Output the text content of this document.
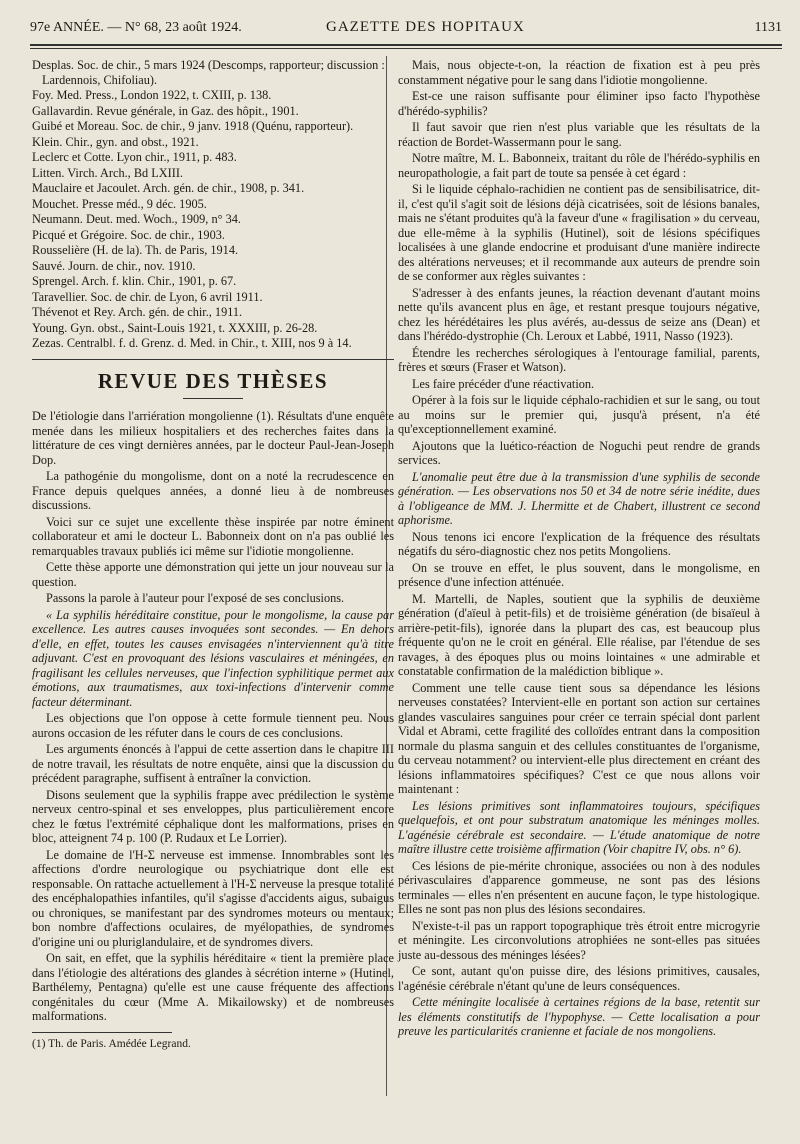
97e ANNÉE. — N° 68, 23 août 1924.	GAZETTE DES HOPITAUX	1131

Desplas. Soc. de chir., 5 mars 1924 (Descomps, rapporteur; discussion : Lardennois, Chifoliau).

Foy. Med. Press., London 1922, t. CXIII, p. 138.

Gallavardin. Revue générale, in Gaz. des hôpit., 1901.

Guibé et Moreau. Soc. de chir., 9 janv. 1918 (Quénu, rapporteur).

Klein. Chir., gyn. and obst., 1921.

Leclerc et Cotte. Lyon chir., 1911, p. 483.

Litten. Virch. Arch., Bd LXIII.

Mauclaire et Jacoulet. Arch. gén. de chir., 1908, p. 341.

Mouchet. Presse méd., 9 déc. 1905.

Neumann. Deut. med. Woch., 1909, n° 34.

Picqué et Grégoire. Soc. de chir., 1903.

Rousselière (H. de la). Th. de Paris, 1914.

Sauvé. Journ. de chir., nov. 1910.

Sprengel. Arch. f. klin. Chir., 1901, p. 67.

Taravellier. Soc. de chir. de Lyon, 6 avril 1911.

Thévenot et Rey. Arch. gén. de chir., 1911.

Young. Gyn. obst., Saint-Louis 1921, t. XXXIII, p. 26-28.

Zezas. Centralbl. f. d. Grenz. d. Med. in Chir., t. XIII, nos 9 à 14.

REVUE DES THÈSES

De l'étiologie dans l'arriération mongolienne (1). Résultats d'une enquête menée dans les milieux hospitaliers et des recherches faites dans la littérature de ces vingt dernières années, par le docteur Paul-Jean-Joseph Dop.

La pathogénie du mongolisme, dont on a noté la recrudescence en France depuis quelques années, a donné lieu à de nombreuses discussions.

Voici sur ce sujet une excellente thèse inspirée par notre éminent collaborateur et ami le docteur L. Babonneix dont on n'a pas oublié les remarquables travaux publiés ici même sur l'idiotie mongolienne.

Cette thèse apporte une démonstration qui jette un jour nouveau sur la question.

Passons la parole à l'auteur pour l'exposé de ses conclusions.

« La syphilis héréditaire constitue, pour le mongolisme, la cause par excellence. Les autres causes invoquées sont secondes. — En dehors d'elle, en effet, toutes les causes envisagées n'interviennent qu'à titre adjuvant. C'est en provoquant des lésions vasculaires et méningées, en fragilisant les cellules nerveuses, que l'infection syphilitique permet aux émotions, aux traumatismes, aux toxi-infections d'intervenir comme facteur déterminant.

Les objections que l'on oppose à cette formule tiennent peu. Nous aurons occasion de les réfuter dans le cours de ces conclusions.

Les arguments énoncés à l'appui de cette assertion dans le chapitre III de notre travail, les résultats de notre enquête, ainsi que la discussion du précédent paragraphe, suffisent à entraîner la conviction.

Disons seulement que la syphilis frappe avec prédilection le système nerveux centro-spinal et ses enveloppes, plus particulièrement encore chez le fœtus l'extrémité céphalique dont les malformations, prises en bloc, atteignent 74 p. 100 (P. Rudaux et Le Lorrier).

Le domaine de l'H-Σ nerveuse est immense. Innombrables sont les affections d'ordre neurologique ou psychiatrique dont elle est responsable. On rattache actuellement à l'H-Σ nerveuse la presque totalité des encéphalopathies infantiles, qu'il s'agisse d'accidents aigus, subaigus ou chroniques, se manifestant par des syndromes moteurs ou mentaux; bon nombre d'affections oculaires, de myélopathies, de syndromes d'origine uni ou pluriglandulaire, et de syndromes divers.

On sait, en effet, que la syphilis héréditaire « tient la première place dans l'étiologie des altérations des glandes à sécrétion interne » (Hutinel, Barthélemy, Pentagna) qu'elle est une cause fréquente des affections congénitales du cœur (Mme A. Mikailowsky) et de nombreuses malformations.

(1) Th. de Paris. Amédée Legrand.

Mais, nous objecte-t-on, la réaction de fixation est à peu près constamment négative pour le sang dans l'idiotie mongolienne.

Est-ce une raison suffisante pour éliminer ipso facto l'hypothèse d'hérédo-syphilis?

Il faut savoir que rien n'est plus variable que les résultats de la réaction de Bordet-Wassermann pour le sang.

Notre maître, M. L. Babonneix, traitant du rôle de l'hérédo-syphilis en neuropathologie, a fait part de toute sa pensée à cet égard :

Si le liquide céphalo-rachidien ne contient pas de sensibilisatrice, dit-il, c'est qu'il s'agit soit de lésions déjà cicatrisées, soit de lésions banales, mais ne s'étant produites qu'à la faveur d'une « fragilisation » du cerveau, due elle-même à la syphilis (Hutinel), soit de lésions spécifiques localisées à une glande endocrine et produisant d'une manière indirecte des altérations nerveuses; et il recommande aux auteurs de prendre soin de se conformer aux règles suivantes :

S'adresser à des enfants jeunes, la réaction devenant d'autant moins nette qu'ils avancent plus en âge, et restant presque toujours négative, chez les hérédétaires les plus avérés, au-dessus de seize ans (Dean) et dans l'hérédo-dystrophie (Ch. Leroux et Labbé, 1911, Nasso (1923).

Étendre les recherches sérologiques à l'entourage familial, parents, frères et sœurs (Fraser et Watson).

Les faire précéder d'une réactivation.

Opérer à la fois sur le liquide céphalo-rachidien et sur le sang, ou tout au moins sur le premier qui, jusqu'à présent, n'a été qu'exceptionnellement examiné.

Ajoutons que la luético-réaction de Noguchi peut rendre de grands services.

L'anomalie peut être due à la transmission d'une syphilis de seconde génération. — Les observations nos 50 et 34 de notre série inédite, dues à l'obligeance de MM. J. Lhermitte et de Chabert, illustrent ce second aphorisme.

Nous tenons ici encore l'explication de la fréquence des résultats négatifs du séro-diagnostic chez nos petits Mongoliens.

On se trouve en effet, le plus souvent, dans le mongolisme, en présence d'une infection atténuée.

M. Martelli, de Naples, soutient que la syphilis de deuxième génération (d'aïeul à petit-fils) et de troisième génération (de bisaïeul à arrière-petit-fils), ignorée dans la plupart des cas, est beaucoup plus fréquente qu'on ne le croit en général. Elle réalise, par l'étendue de ses ravages, à des époques plus ou moins lointaines « une admirable et constatable confirmation de la malédiction biblique ».

Comment une telle cause tient sous sa dépendance les lésions nerveuses constatées? Intervient-elle en portant son action sur certaines glandes vasculaires sanguines pour créer ce terrain spécial dont parlent Vidal et Abrami, cette fragilité des colloïdes entrant dans la composition normale du plasma sanguin et des cellules constituantes de l'organisme, du cerveau notamment? ou intervient-elle plus directement en créant des lésions inflammatoires spécifiques? C'est ce que nous allons voir maintenant :

Les lésions primitives sont inflammatoires toujours, spécifiques quelquefois, et ont pour substratum anatomique les méninges molles. L'agénésie cérébrale est secondaire. — L'étude anatomique de notre maître illustre cette troisième affirmation (Voir chapitre IV, obs. n° 6).

Ces lésions de pie-mérite chronique, associées ou non à des nodules périvasculaires d'apparence gommeuse, ne sont pas des lésions terminales — elles n'en présentent en aucune façon, le type histologique. Elles ne sont pas non plus des lésions secondaires.

N'existe-t-il pas un rapport topographique très étroit entre microgyrie et méningite. Les circonvolutions atrophiées ne sont-elles pas situées juste au-dessous des méninges lésées?

Ce sont, autant qu'on puisse dire, des lésions primitives, causales, l'agénésie cérébrale n'étant qu'une de leurs conséquences.

Cette méningite localisée à certaines régions de la base, retentit sur les éléments constitutifs de l'hypophyse. — Cette localisation a pour preuve les particularités cranienne et faciale de nos mongoliens.
